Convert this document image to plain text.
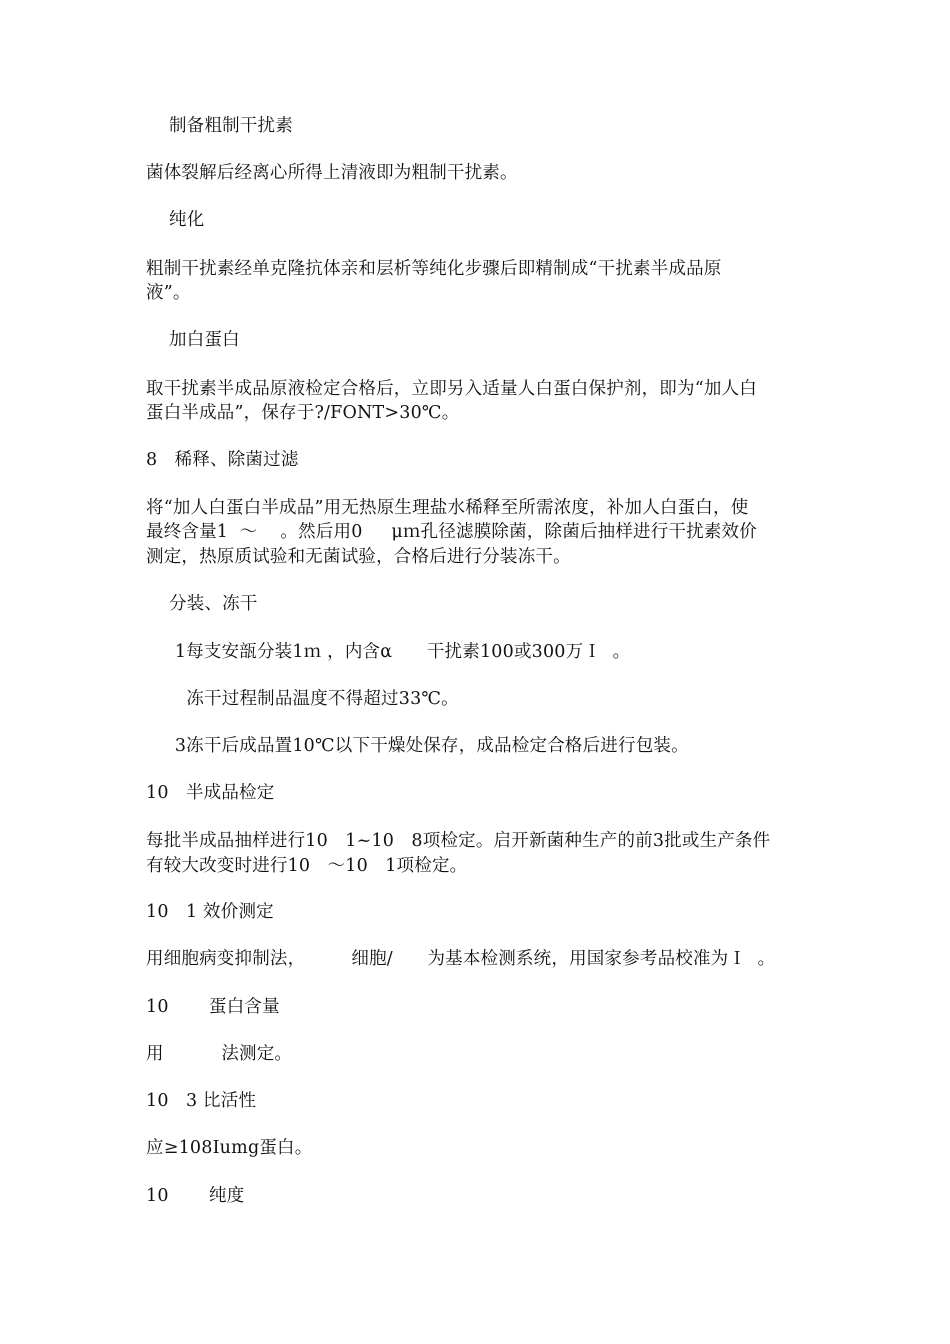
制备粗制干扰素
菌体裂解后经离心所得上清液即为粗制干扰素。
纯化
粗制干扰素经单克隆抗体亲和层析等纯化步骤后即精制成“干扰素半成品原
液”。
加白蛋白
取干扰素半成品原液检定合格后，立即另入适量人白蛋白保护剂，即为“加人白
蛋白半成品”，保存于?/FONT>30℃。
8   稀释、除菌过滤
将“加人白蛋白半成品”用无热原生理盐水稀释至所需浓度，补加人白蛋白，使
最终含量1  ～    。然后用0     μｍ孔径滤膜除菌，除菌后抽样进行干扰素效价
测定，热原质试验和无菌试验，合格后进行分装冻干。
分装、冻干
1每支安瓿分装1ｍ ，内含α      干扰素100或300万Ｉ  。
冻干过程制品温度不得超过33℃。
3冻干后成品置10℃以下干燥处保存，成品检定合格后进行包装。
10   半成品检定
每批半成品抽样进行10   1~10   8项检定。启开新菌种生产的前3批或生产条件
有较大改变时进行10   ～10   1项检定。
10   1 效价测定
用细胞病变抑制法，        细胞/      为基本检测系统，用国家参考品校准为Ｉ  。
10       蛋白含量
用          法测定。
10   3 比活性
应≥108Iumg蛋白。
10       纯度
